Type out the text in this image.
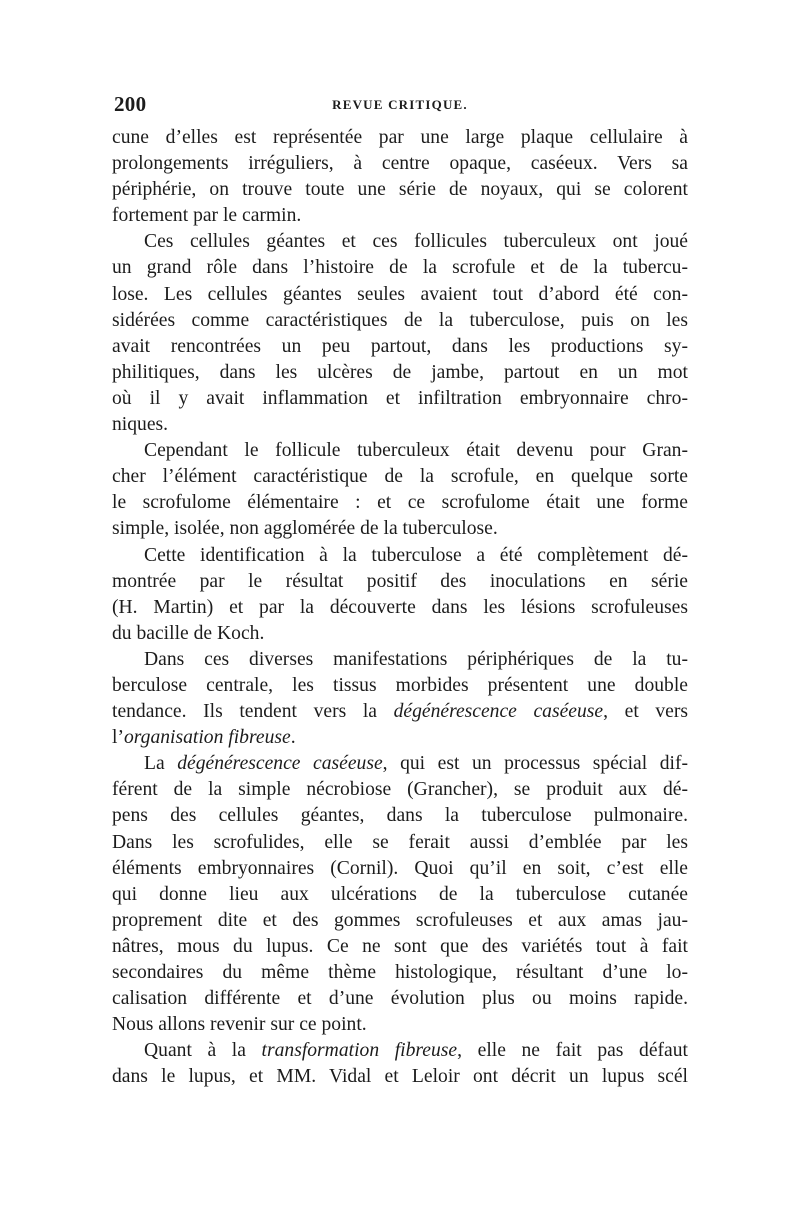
200	REVUE CRITIQUE.
cune d’elles est représentée par une large plaque cellulaire à
prolongements irréguliers, à centre opaque, caséeux. Vers sa
périphérie, on trouve toute une série de noyaux, qui se colorent
fortement par le carmin.
Ces cellules géantes et ces follicules tuberculeux ont joué
un grand rôle dans l’histoire de la scrofule et de la tubercu-
lose. Les cellules géantes seules avaient tout d’abord été con-
sidérées comme caractéristiques de la tuberculose, puis on les
avait rencontrées un peu partout, dans les productions sy-
philitiques, dans les ulcères de jambe, partout en un mot
où il y avait inflammation et infiltration embryonnaire chro-
niques.
Cependant le follicule tuberculeux était devenu pour Gran-
cher l’élément caractéristique de la scrofule, en quelque sorte
le scrofulome élémentaire : et ce scrofulome était une forme
simple, isolée, non agglomérée de la tuberculose.
Cette identification à la tuberculose a été complètement dé-
montrée par le résultat positif des inoculations en série
(H. Martin) et par la découverte dans les lésions scrofuleuses
du bacille de Koch.
Dans ces diverses manifestations périphériques de la tu-
berculose centrale, les tissus morbides présentent une double
tendance. Ils tendent vers la dégénérescence caséeuse, et vers
l’organisation fibreuse.
La dégénérescence caséeuse, qui est un processus spécial dif-
férent de la simple nécrobiose (Grancher), se produit aux dé-
pens des cellules géantes, dans la tuberculose pulmonaire.
Dans les scrofulides, elle se ferait aussi d’emblée par les
éléments embryonnaires (Cornil). Quoi qu’il en soit, c’est elle
qui donne lieu aux ulcérations de la tuberculose cutanée
proprement dite et des gommes scrofuleuses et aux amas jau-
nâtres, mous du lupus. Ce ne sont que des variétés tout à fait
secondaires du même thème histologique, résultant d’une lo-
calisation différente et d’une évolution plus ou moins rapide.
Nous allons revenir sur ce point.
Quant à la transformation fibreuse, elle ne fait pas défaut
dans le lupus, et MM. Vidal et Leloir ont décrit un lupus scél
